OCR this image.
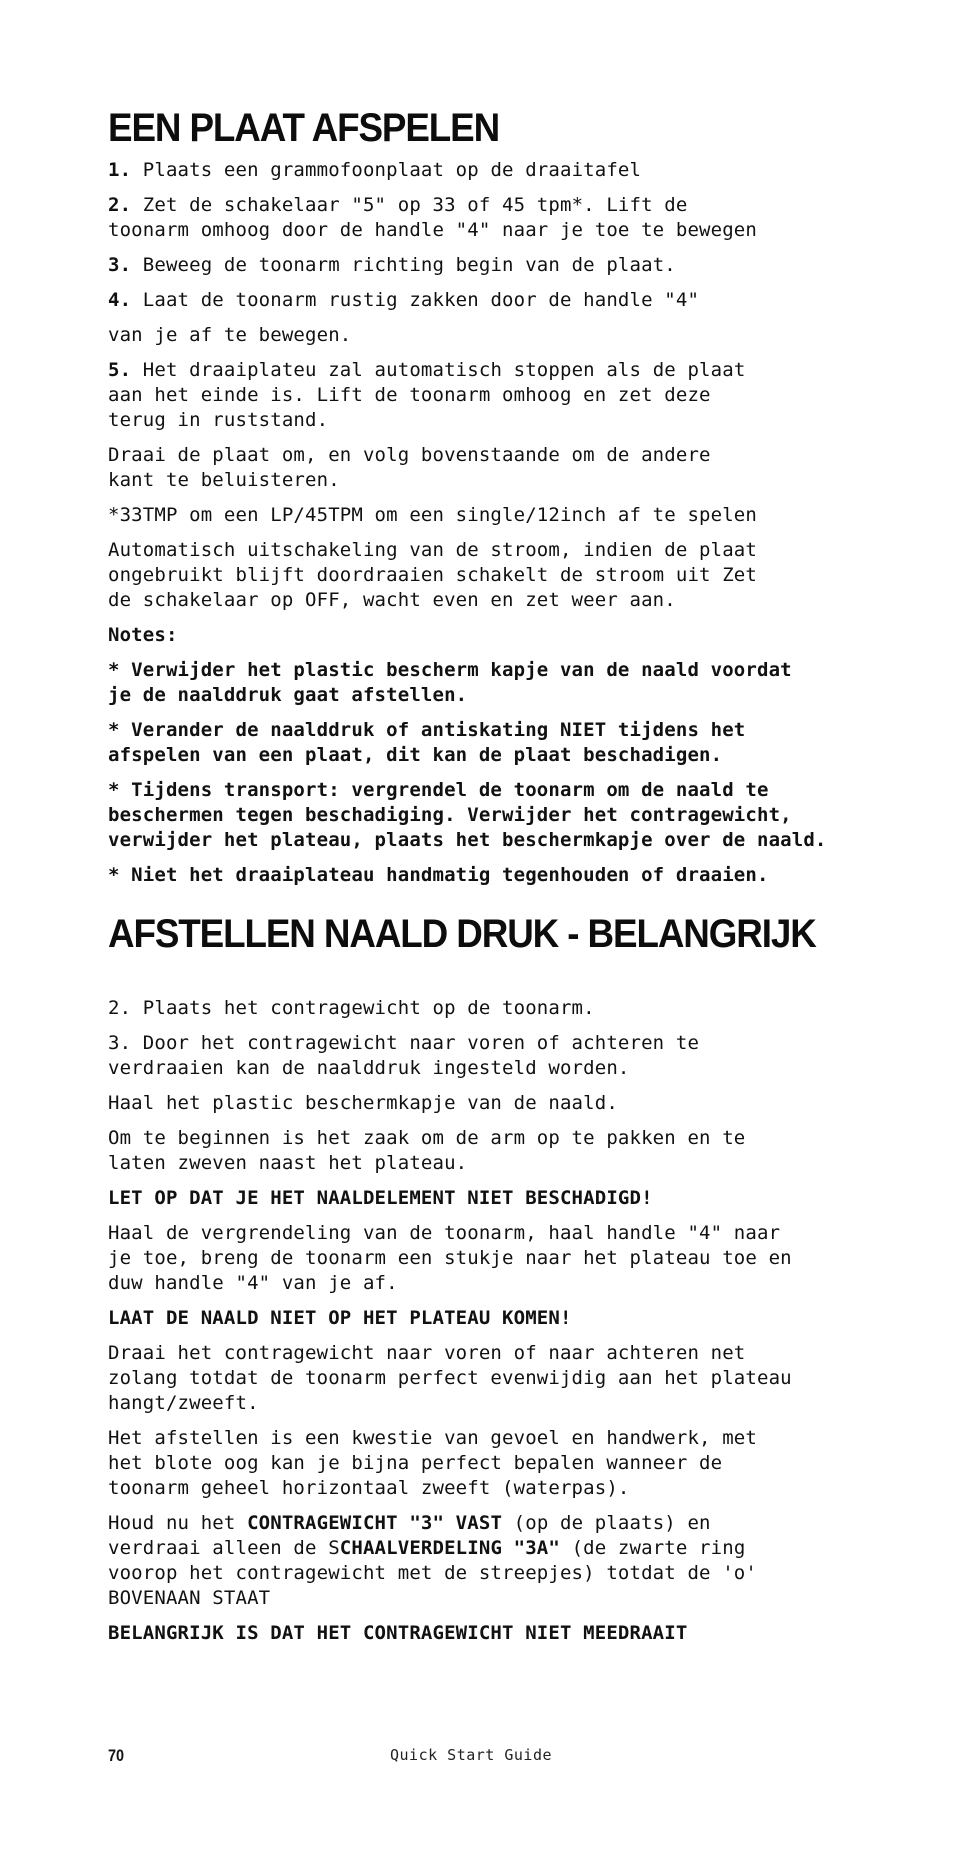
EEN PLAAT AFSPELEN

1. Plaats een grammofoonplaat op de draaitafel

2. Zet de schakelaar "5" op 33 of 45 tpm*. Lift de
toonarm omhoog door de handle "4" naar je toe te bewegen

3. Beweeg de toonarm richting begin van de plaat.

4. Laat de toonarm rustig zakken door de handle "4"

van je af te bewegen.

5. Het draaiplateu zal automatisch stoppen als de plaat
aan het einde is. Lift de toonarm omhoog en zet deze
terug in ruststand.

Draai de plaat om, en volg bovenstaande om de andere
kant te beluisteren.

*33TMP om een LP/45TPM om een single/12inch af te spelen

Automatisch uitschakeling van de stroom, indien de plaat
ongebruikt blijft doordraaien schakelt de stroom uit Zet
de schakelaar op OFF, wacht even en zet weer aan.

Notes:

* Verwijder het plastic bescherm kapje van de naald voordat
je de naalddruk gaat afstellen.

* Verander de naalddruk of antiskating NIET tijdens het
afspelen van een plaat, dit kan de plaat beschadigen.

* Tijdens transport: vergrendel de toonarm om de naald te
beschermen tegen beschadiging. Verwijder het contragewicht,
verwijder het plateau, plaats het beschermkapje over de naald.

* Niet het draaiplateau handmatig tegenhouden of draaien.

AFSTELLEN NAALD DRUK - BELANGRIJK

2. Plaats het contragewicht op de toonarm.

3. Door het contragewicht naar voren of achteren te
verdraaien kan de naalddruk ingesteld worden.

Haal het plastic beschermkapje van de naald.

Om te beginnen is het zaak om de arm op te pakken en te
laten zweven naast het plateau.

LET OP DAT JE HET NAALDELEMENT NIET BESCHADIGD!

Haal de vergrendeling van de toonarm, haal handle "4" naar
je toe, breng de toonarm een stukje naar het plateau toe en
duw handle "4" van je af.

LAAT DE NAALD NIET OP HET PLATEAU KOMEN!

Draai het contragewicht naar voren of naar achteren net
zolang totdat de toonarm perfect evenwijdig aan het plateau
hangt/zweeft.

Het afstellen is een kwestie van gevoel en handwerk, met
het blote oog kan je bijna perfect bepalen wanneer de
toonarm geheel horizontaal zweeft (waterpas).

Houd nu het CONTRAGEWICHT "3" VAST (op de plaats) en
verdraai alleen de SCHAALVERDELING "3A" (de zwarte ring
voorop het contragewicht met de streepjes) totdat de 'o'
BOVENAAN STAAT

BELANGRIJK IS DAT HET CONTRAGEWICHT NIET MEEDRAAIT

70	Quick Start Guide
